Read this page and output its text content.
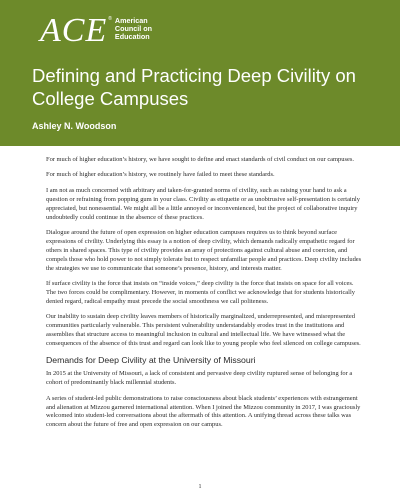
ACE ® American
Council on
Education
Defining and Practicing Deep Civility on College Campuses
Ashley N. Woodson

For much of higher education’s history, we have sought to define and enact standards of civil conduct on our campuses.

For much of higher education’s history, we routinely have failed to meet these standards.

I am not as much concerned with arbitrary and taken-for-granted norms of civility, such as raising your hand to ask a question or refraining from popping gum in your class. Civility as etiquette or as unobtrusive self-presentation is certainly appreciated, but nonessential. We might all be a little annoyed or inconvenienced, but the project of collaborative inquiry undoubtedly could continue in the absence of these practices.

Dialogue around the future of open expression on higher education campuses requires us to think beyond surface expressions of civility. Underlying this essay is a notion of deep civility, which demands radically empathetic regard for others in shared spaces. This type of civility provides an array of protections against cultural abuse and coercion, and compels those who hold power to not simply tolerate but to respect unfamiliar people and practices. Deep civility includes the strategies we use to communicate that someone’s presence, history, and interests matter.

If surface civility is the force that insists on “inside voices,” deep civility is the force that insists on space for all voices. The two forces could be complimentary. However, in moments of conflict we acknowledge that for students historically denied regard, radical empathy must precede the social smoothness we call politeness.

Our inability to sustain deep civility leaves members of historically marginalized, underrepresented, and misrepresented communities particularly vulnerable. This persistent vulnerability understandably erodes trust in the institutions and assemblies that structure access to meaningful inclusion in cultural and intellectual life. We have witnessed what the consequences of the absence of this trust and regard can look like to young people who feel silenced on college campuses.

Demands for Deep Civility at the University of Missouri

In 2015 at the University of Missouri, a lack of consistent and pervasive deep civility ruptured sense of belonging for a cohort of predominantly black millennial students.

A series of student-led public demonstrations to raise consciousness about black students’ experiences with estrangement and alienation at Mizzou garnered international attention. When I joined the Mizzou community in 2017, I was graciously welcomed into student-led conversations about the aftermath of this attention. A unifying thread across these talks was concern about the future of free and open expression on our campus.

1
